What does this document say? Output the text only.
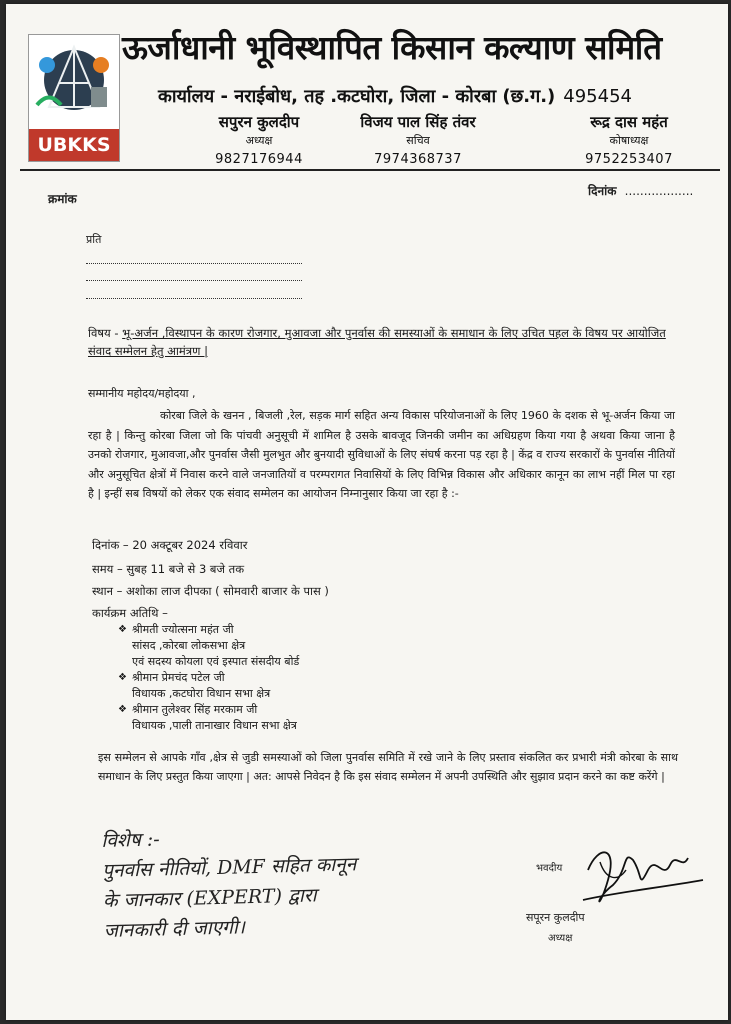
UBKKS
ऊर्जाधानी भूविस्थापित किसान कल्याण समिति
कार्यालय - नराईबोध, तह .कटघोरा, जिला - कोरबा (छ.ग.) 495454
सपुरन कुलदीप
अध्यक्ष
9827176944
विजय पाल सिंह तंवर
सचिव
7974368737
रूद्र दास महंत
कोषाध्यक्ष
9752253407
क्रमांक
दिनांक ..................
प्रति
विषय - भू-अर्जन ,विस्थापन के कारण रोजगार, मुआवजा और पुनर्वास की समस्याओं के समाधान के लिए उचित पहल के विषय पर आयोजित संवाद सम्मेलन हेतु आमंत्रण |
सम्मानीय महोदय/महोदया ,
कोरबा जिले के खनन , बिजली ,रेल, सड़क मार्ग सहित अन्य विकास परियोजनाओं के लिए 1960 के दशक से भू-अर्जन किया जा रहा है | किन्तु कोरबा जिला जो कि पांचवी अनुसूची में शामिल है उसके बावजूद जिनकी जमीन का अधिग्रहण किया गया है अथवा किया जाना है उनको रोजगार, मुआवजा,और पुनर्वास जैसी मुलभुत और बुनयादी सुविधाओं के लिए संघर्ष करना पड़ रहा है | केंद्र व राज्य सरकारों के पुनर्वास नीतियों और अनुसूचित क्षेत्रों में निवास करने वाले जनजातियों व परम्परागत निवासियों के लिए विभिन्न विकास और अधिकार कानून का लाभ नहीं मिल पा रहा है | इन्हीं सब विषयों को लेकर एक संवाद सम्मेलन का आयोजन निम्नानुसार किया जा रहा है :-
दिनांक – 20 अक्टूबर 2024 रविवार
समय – सुबह 11 बजे से 3 बजे तक
स्थान – अशोका लाज दीपका ( सोमवारी बाजार के पास )
कार्यक्रम अतिथि –
❖ श्रीमती ज्योत्सना महंत जी
सांसद ,कोरबा लोकसभा क्षेत्र
एवं सदस्य कोयला एवं इस्पात संसदीय बोर्ड
❖ श्रीमान प्रेमचंद पटेल जी
विधायक ,कटघोरा विधान सभा क्षेत्र
❖ श्रीमान तुलेश्वर सिंह मरकाम जी
विधायक ,पाली तानाखार विधान सभा क्षेत्र
इस सम्मेलन से आपके गाँव ,क्षेत्र से जुडी समस्याओं को जिला पुनर्वास समिति में रखे जाने के लिए प्रस्ताव संकलित कर प्रभारी मंत्री कोरबा के साथ समाधान के लिए प्रस्तुत किया जाएगा | अत: आपसे निवेदन है कि इस संवाद सम्मेलन में अपनी उपस्थिति और सुझाव प्रदान करने का कष्ट करेंगे |
विशेष :-
पुनर्वास नीतियों, DMF सहित कानून
के जानकार (EXPERT) द्वारा
जानकारी दी जाएगी।
भवदीय
सपूरन कुलदीप
अध्यक्ष
